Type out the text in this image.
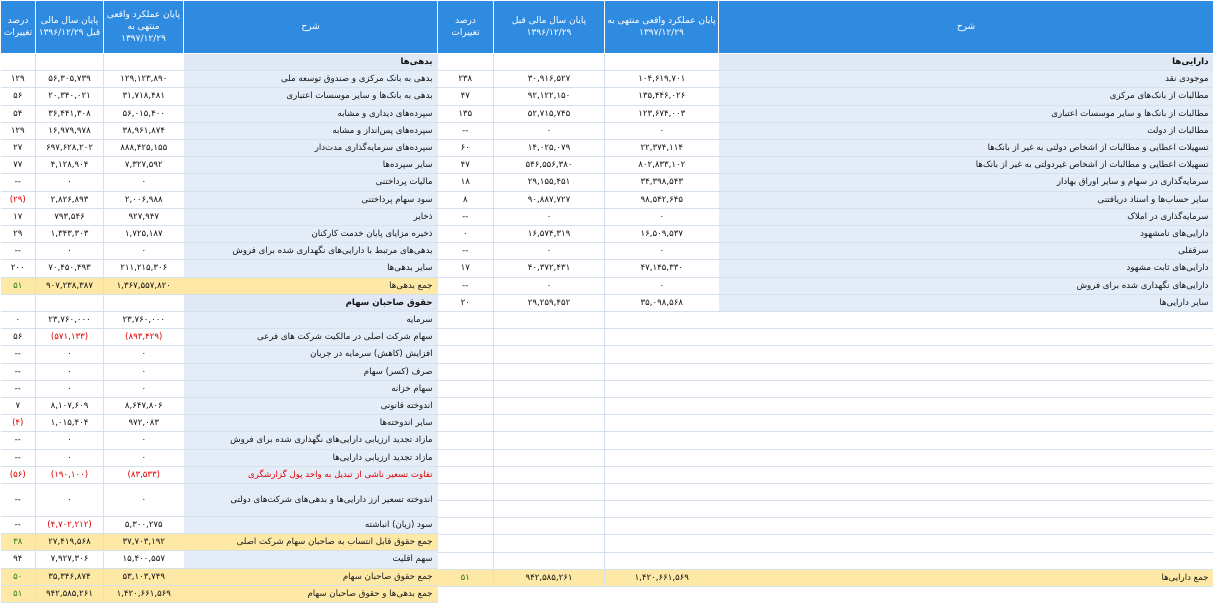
شرح	پایان عملکرد واقعی منتهی به ۱۳۹۷/۱۲/۲۹	پایان سال مالی قبل ۱۳۹۶/۱۲/۲۹	درصد تغییرات
دارایی‌ها			
موجودی نقد	۱۰۴,۶۱۹,۷۰۱	۳۰,۹۱۶,۵۲۷	۲۳۸
مطالبات از بانک‌های مرکزی	۱۳۵,۴۴۶,۰۲۶	۹۲,۱۲۲,۱۵۰	۴۷
مطالبات از بانک‌ها و سایر موسسات اعتباری	۱۲۳,۶۷۴,۰۰۳	۵۲,۷۱۵,۷۴۵	۱۳۵
مطالبات از دولت	۰	۰	--
تسهیلات اعطایی و مطالبات از اشخاص دولتی به غیر از بانک‌ها	۲۲,۳۷۴,۱۱۴	۱۴,۰۲۵,۰۷۹	۶۰
تسهیلات اعطایی و مطالبات از اشخاص غیردولتی به غیر از بانک‌ها	۸۰۲,۸۳۳,۱۰۲	۵۴۶,۵۵۶,۳۸۰	۴۷
سرمایه‌گذاری در سهام و سایر اوراق بهادار	۳۴,۳۹۸,۵۴۳	۲۹,۱۵۵,۴۵۱	۱۸
سایر حساب‌ها و اسناد دریافتنی	۹۸,۵۴۲,۶۴۵	۹۰,۸۸۷,۷۲۷	۸
سرمایه‌گذاری در املاک	۰	۰	--
دارایی‌های نامشهود	۱۶,۵۰۹,۵۳۷	۱۶,۵۷۴,۳۱۹	۰
سرقفلی	۰	۰	--
دارایی‌های ثابت مشهود	۴۷,۱۴۵,۳۳۰	۴۰,۳۷۲,۴۳۱	۱۷
دارایی‌های نگهداری شده برای فروش	۰	۰	--
سایر دارایی‌ها	۳۵,۰۹۸,۵۶۸	۲۹,۲۵۹,۴۵۲	۲۰

جمع دارایی‌ها	۱,۴۲۰,۶۶۱,۵۶۹	۹۴۲,۵۸۵,۲۶۱	۵۱
شرح	پایان عملکرد واقعی منتهی به ۱۳۹۷/۱۲/۲۹	پایان سال مالی قبل ۱۳۹۶/۱۲/۲۹	درصد تغییرات
بدهی‌ها			
بدهی به بانک مرکزی و صندوق توسعه ملی	۱۲۹,۱۲۳,۸۹۰	۵۶,۳۰۵,۷۳۹	۱۲۹
بدهی به بانک‌ها و سایر موسسات اعتباری	۳۱,۷۱۸,۴۸۱	۲۰,۳۴۰,۰۲۱	۵۶
سپرده‌های دیداری و مشابه	۵۶,۰۱۵,۴۰۰	۳۶,۴۴۱,۳۰۸	۵۴
سپرده‌های پس‌انداز و مشابه	۳۸,۹۶۱,۸۷۴	۱۶,۹۷۹,۹۷۸	۱۲۹
سپرده‌های سرمایه‌گذاری مدت‌دار	۸۸۸,۴۲۵,۱۵۵	۶۹۷,۶۲۸,۲۰۲	۲۷
سایر سپرده‌ها	۷,۳۲۷,۵۹۲	۴,۱۲۸,۹۰۴	۷۷
مالیات پرداختنی	۰	۰	--
سود سهام پرداختنی	۲,۰۰۶,۹۸۸	۲,۸۲۶,۸۹۳	(۲۹)
ذخایر	۹۲۷,۹۴۷	۷۹۳,۵۴۶	۱۷
ذخیره مزایای پایان خدمت کارکنان	۱,۷۲۵,۱۸۷	۱,۳۴۳,۳۰۳	۲۹
بدهی‌های مرتبط با دارایی‌های نگهداری شده برای فروش	۰	۰	--
سایر بدهی‌ها	۲۱۱,۲۱۵,۳۰۶	۷۰,۴۵۰,۴۹۳	۲۰۰
جمع بدهی‌ها	۱,۳۶۷,۵۵۷,۸۲۰	۹۰۷,۲۳۸,۳۸۷	۵۱
حقوق صاحبان سهام			
سرمایه	۲۳,۷۶۰,۰۰۰	۲۳,۷۶۰,۰۰۰	۰
سهام شرکت اصلی در مالکیت شرکت های فرعی	(۸۹۳,۴۲۹)	(۵۷۱,۱۳۳)	۵۶
افزایش (کاهش) سرمایه در جریان	۰	۰	--
صرف (کسر) سهام	۰	۰	--
سهام خزانه	۰	۰	--
اندوخته قانونی	۸,۶۴۷,۸۰۶	۸,۱۰۷,۶۰۹	۷
سایر اندوخته‌ها	۹۷۲,۰۸۳	۱,۰۱۵,۴۰۴	(۴)
مازاد تجدید ارزیابی دارایی‌های نگهداری شده برای فروش	۰	۰	--
مازاد تجدید ارزیابی دارایی‌ها	۰	۰	--
تفاوت تسعیر ناشی از تبدیل به واحد پول گزارشگری	(۸۳,۵۳۳)	(۱۹۰,۱۰۰)	(۵۶)
اندوخته تسعیر ارز دارایی‌ها و بدهی‌های شرکت‌های دولتی	۰	۰	--
سود (زیان) انباشته	۵,۳۰۰,۲۷۵	(۴,۷۰۲,۲۱۲)	--
جمع حقوق قابل انتساب به صاحبان سهام شرکت اصلی	۳۷,۷۰۳,۱۹۲	۲۷,۴۱۹,۵۶۸	۳۸
سهم اقلیت	۱۵,۴۰۰,۵۵۷	۷,۹۲۷,۳۰۶	۹۴
جمع حقوق صاحبان سهام	۵۳,۱۰۳,۷۴۹	۳۵,۳۴۶,۸۷۴	۵۰
جمع بدهی‌ها و حقوق صاحبان سهام	۱,۴۲۰,۶۶۱,۵۶۹	۹۴۲,۵۸۵,۲۶۱	۵۱
